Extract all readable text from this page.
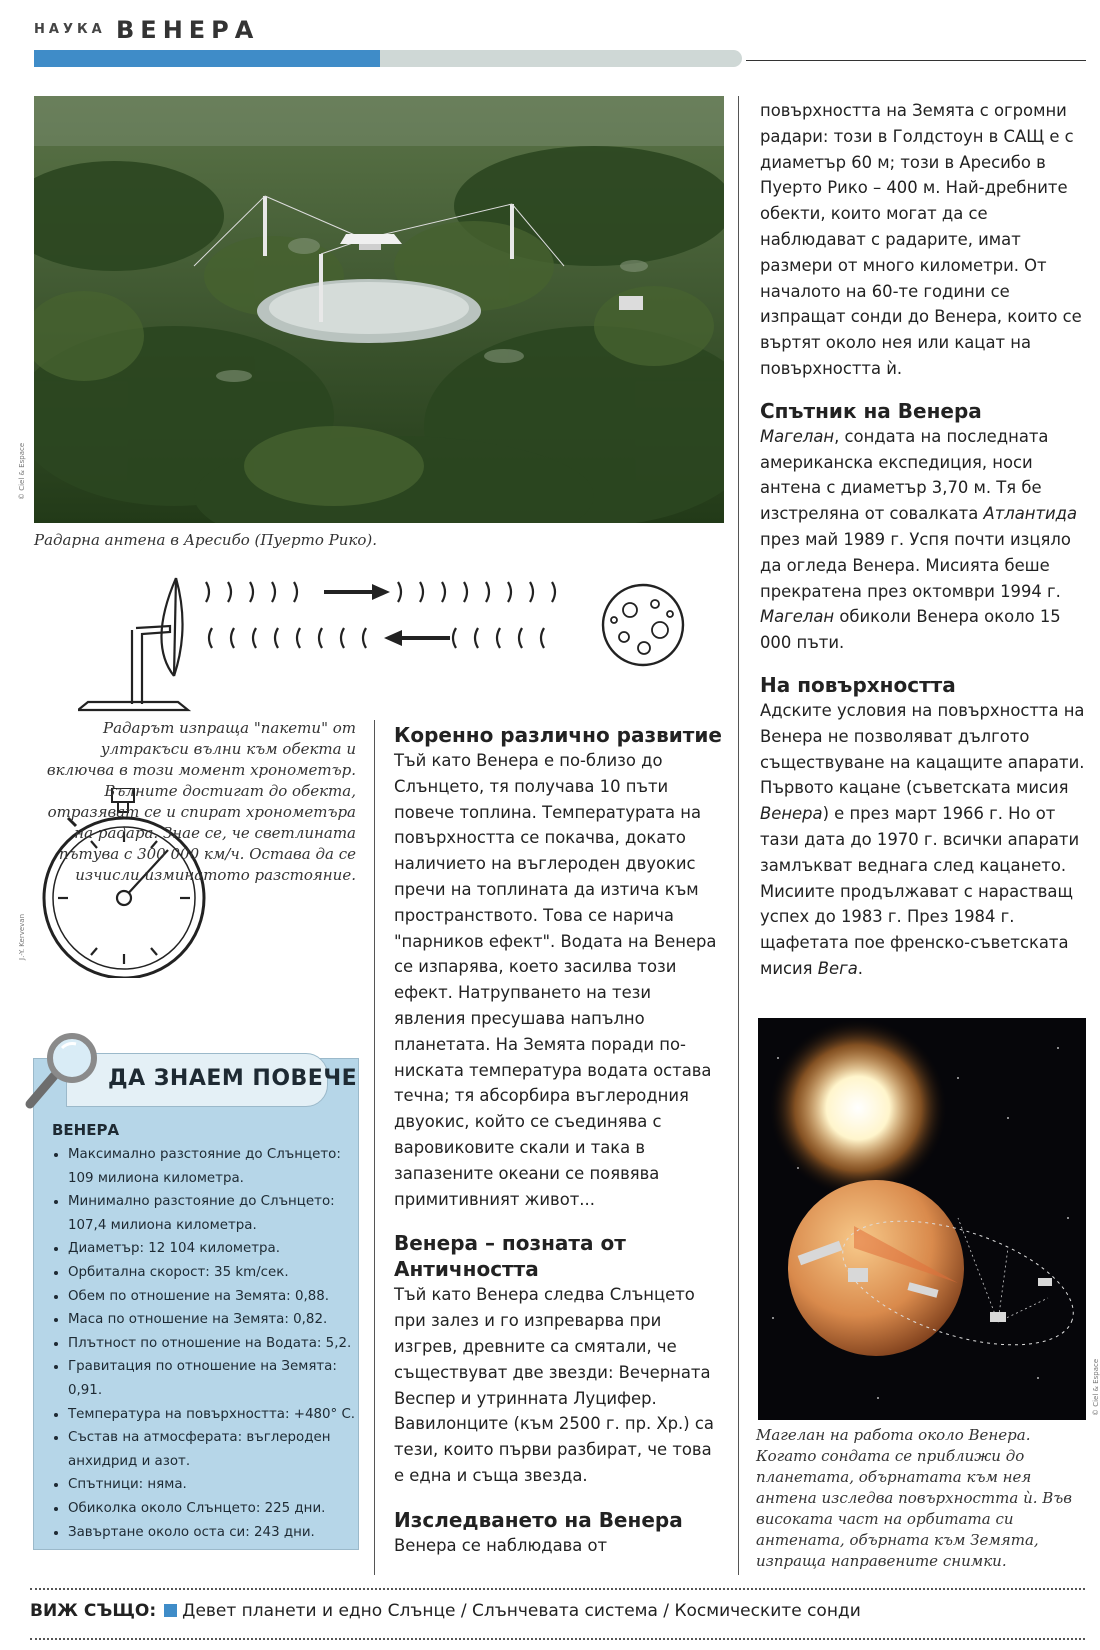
НАУКА ВЕНЕРА
© Ciel & Espace
Радарна антена в Аресибо (Пуерто Рико).
J.-Y. Kervevan
Радарът изпраща "пакети" от ултракъси вълни към обекта и включва в този момент хронометър. Вълните достигат до обекта, отразяват се и спират хронометъра на радара. Знае се, че светлината пътува с 300 000 км/ч. Остава да се изчисли изминатото разстояние.
ДА ЗНАЕМ ПОВЕЧЕ
ВЕНЕРА
• Максимално разстояние до Слънцето: 109 милиона километра.
• Минимално разстояние до Слънцето: 107,4 милиона километра.
• Диаметър: 12 104 километра.
• Орбитална скорост: 35 km/сек.
• Обем по отношение на Земята: 0,88.
• Маса по отношение на Земята: 0,82.
• Плътност по отношение на Водата: 5,2.
• Гравитация по отношение на Земята: 0,91.
• Температура на повърхността: +480° С.
• Състав на атмосферата: въглероден анхидрид и азот.
• Спътници: няма.
• Обиколка около Слънцето: 225 дни.
• Завъртане около оста си: 243 дни.
Коренно различно развитие

Тъй като Венера е по-близо до Слънцето, тя получава 10 пъти повече топлина. Температурата на повърхността се покачва, докато наличието на въглероден двуокис пречи на топлината да изтича към пространството. Това се нарича "парников ефект". Водата на Венера се изпарява, което засилва този ефект. Натрупването на тези явления пресушава напълно планетата. На Земята поради по-ниската температура водата остава течна; тя абсорбира въглеродния двуокис, който се съединява с варовиковите скали и така в запазените океани се появява примитивният живот...

Венера – позната от Античността

Тъй като Венера следва Слънцето при залез и го изпреварва при изгрев, древните са смятали, че съществуват две звезди: Вечерната Веспер и утринната Луцифер. Вавилонците (към 2500 г. пр. Хр.) са тези, които първи разбират, че това е една и съща звезда.

Изследването на Венера

Венера се наблюдава от

повърхността на Земята с огромни радари: този в Голдстоун в САЩ е с диаметър 60 м; този в Аресибо в Пуерто Рико – 400 м. Най-дребните обекти, които могат да се наблюдават с радарите, имат размери от много километри. От началото на 60-те години се изпращат сонди до Венера, които се въртят около нея или кацат на повърхността ѝ.

Спътник на Венера

Магелан, сондата на последната американска експедиция, носи антена с диаметър 3,70 м. Тя бе изстреляна от совалката Атлантида през май 1989 г. Успя почти изцяло да огледа Венера. Мисията беше прекратена през октомври 1994 г. Магелан обиколи Венера около 15 000 пъти.

На повърхността

Адските условия на повърхността на Венера не позволяват дългото съществуване на кацащите апарати. Първото кацане (съветската мисия Венера) е през март 1966 г. Но от тази дата до 1970 г. всички апарати замлъкват веднага след кацането. Мисиите продължават с нарастващ успех до 1983 г. През 1984 г. щафетата пое френско-съветската мисия Вега.

© Ciel & Espace
Магелан на работа около Венера. Когато сондата се приближи до планетата, обърнатата към нея антена изследва повърхността ѝ. Във високата част на орбитата си антената, обърната към Земята, изпраща направените снимки.
ВИЖ СЪЩО: Девет планети и едно Слънце / Слънчевата система / Космическите сонди
